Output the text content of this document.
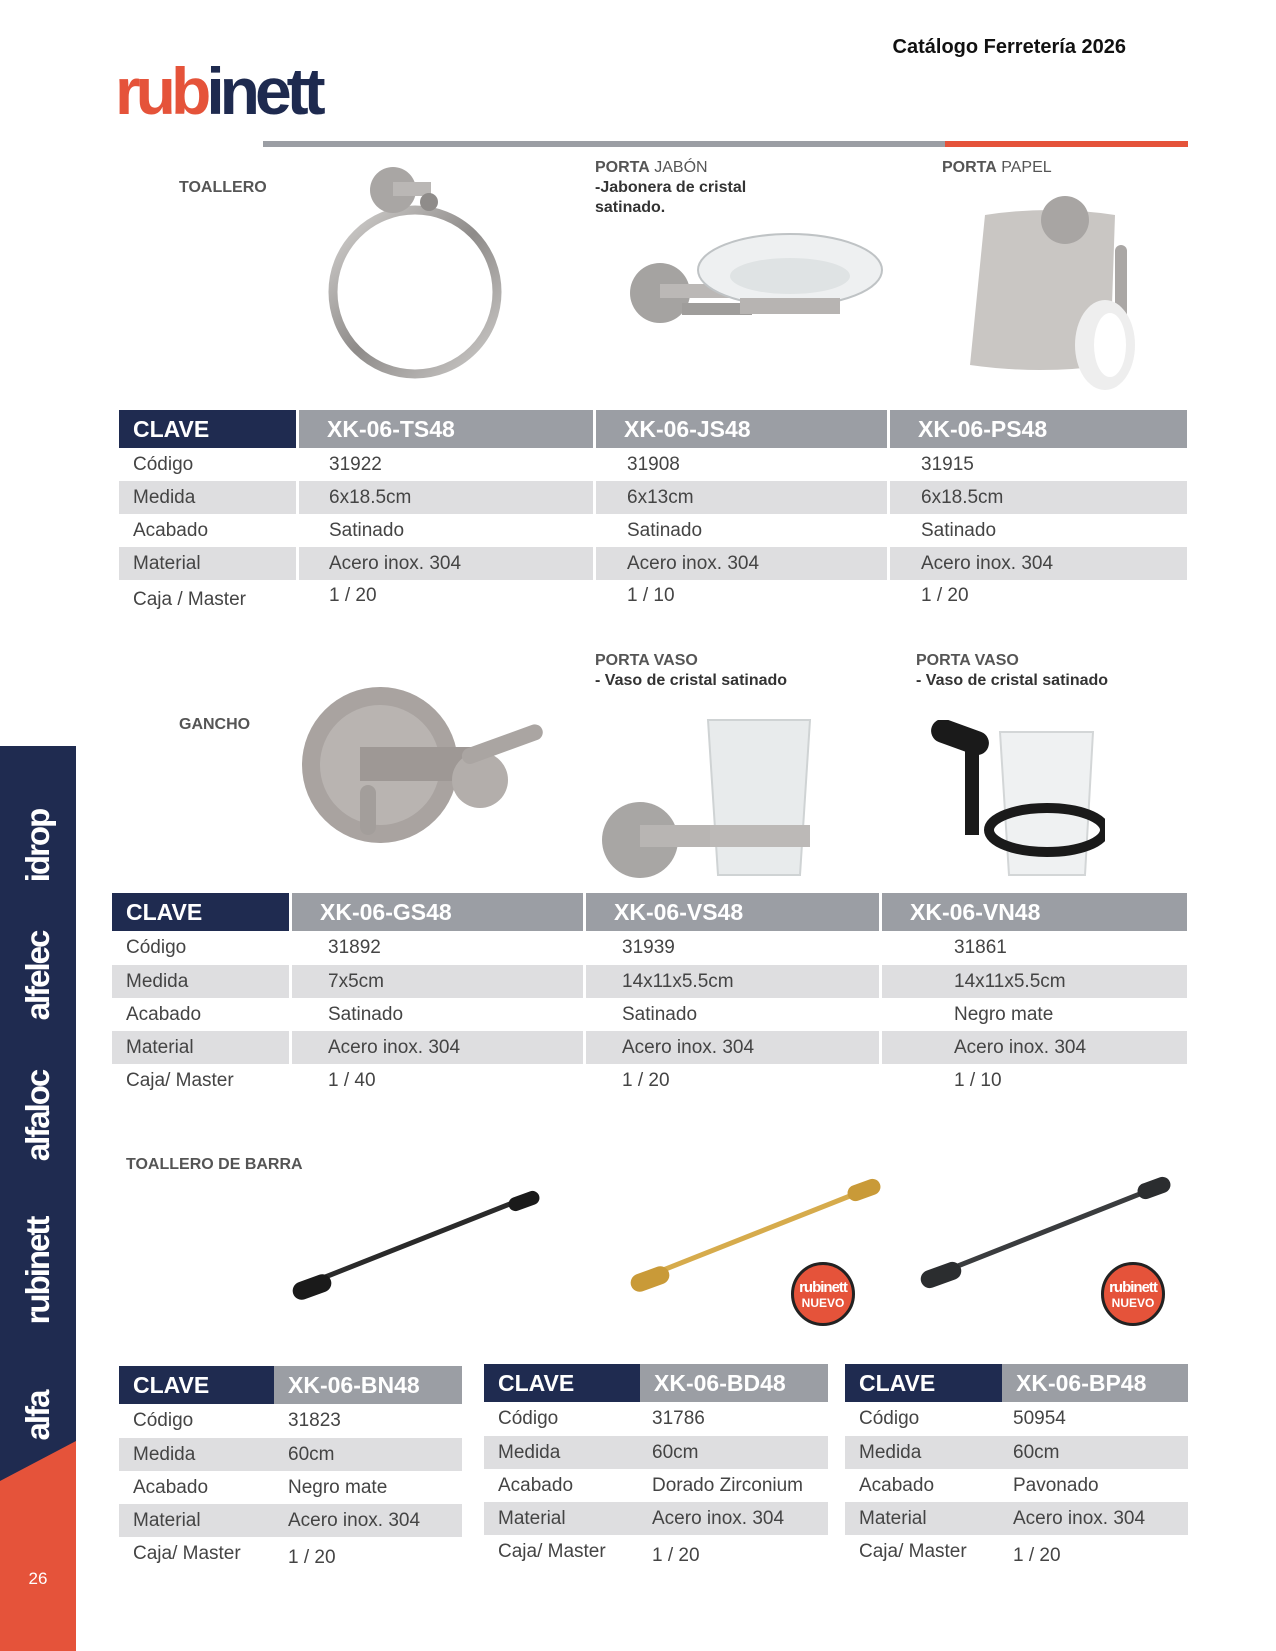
Catálogo Ferretería 2026
rubinett
TOALLERO
PORTA JABÓN
-Jabonera de cristal
satinado.
PORTA PAPEL
CLAVE	XK-06-TS48	XK-06-JS48	XK-06-PS48
Código	31922	31908	31915
Medida	6x18.5cm	6x13cm	6x18.5cm
Acabado	Satinado	Satinado	Satinado
Material	Acero inox. 304	Acero inox. 304	Acero inox. 304
Caja / Master	1 / 20	1 / 10	1 / 20
GANCHO
PORTA VASO
- Vaso de cristal satinado
PORTA VASO
- Vaso de cristal satinado
CLAVE	XK-06-GS48	XK-06-VS48	XK-06-VN48
Código	31892	31939	31861
Medida	7x5cm	14x11x5.5cm	14x11x5.5cm
Acabado	Satinado	Satinado	Negro mate
Material	Acero inox. 304	Acero inox. 304	Acero inox. 304
Caja/ Master	1 / 40	1 / 20	1 / 10
TOALLERO DE BARRA
rubinett
NUEVO
rubinett
NUEVO
CLAVE	XK-06-BN48
Código	31823
Medida	60cm
Acabado	Negro mate
Material	Acero inox. 304
Caja/ Master 1 / 20
CLAVE	XK-06-BD48
Código	31786
Medida	60cm
Acabado	Dorado Zirconium
Material	Acero inox. 304
Caja/ Master 1 / 20
CLAVE	XK-06-BP48
Código	50954
Medida	60cm
Acabado	Pavonado
Material	Acero inox. 304
Caja/ Master 1 / 20
idrop
alfelec
alfaloc
rubinett
alfa
26
